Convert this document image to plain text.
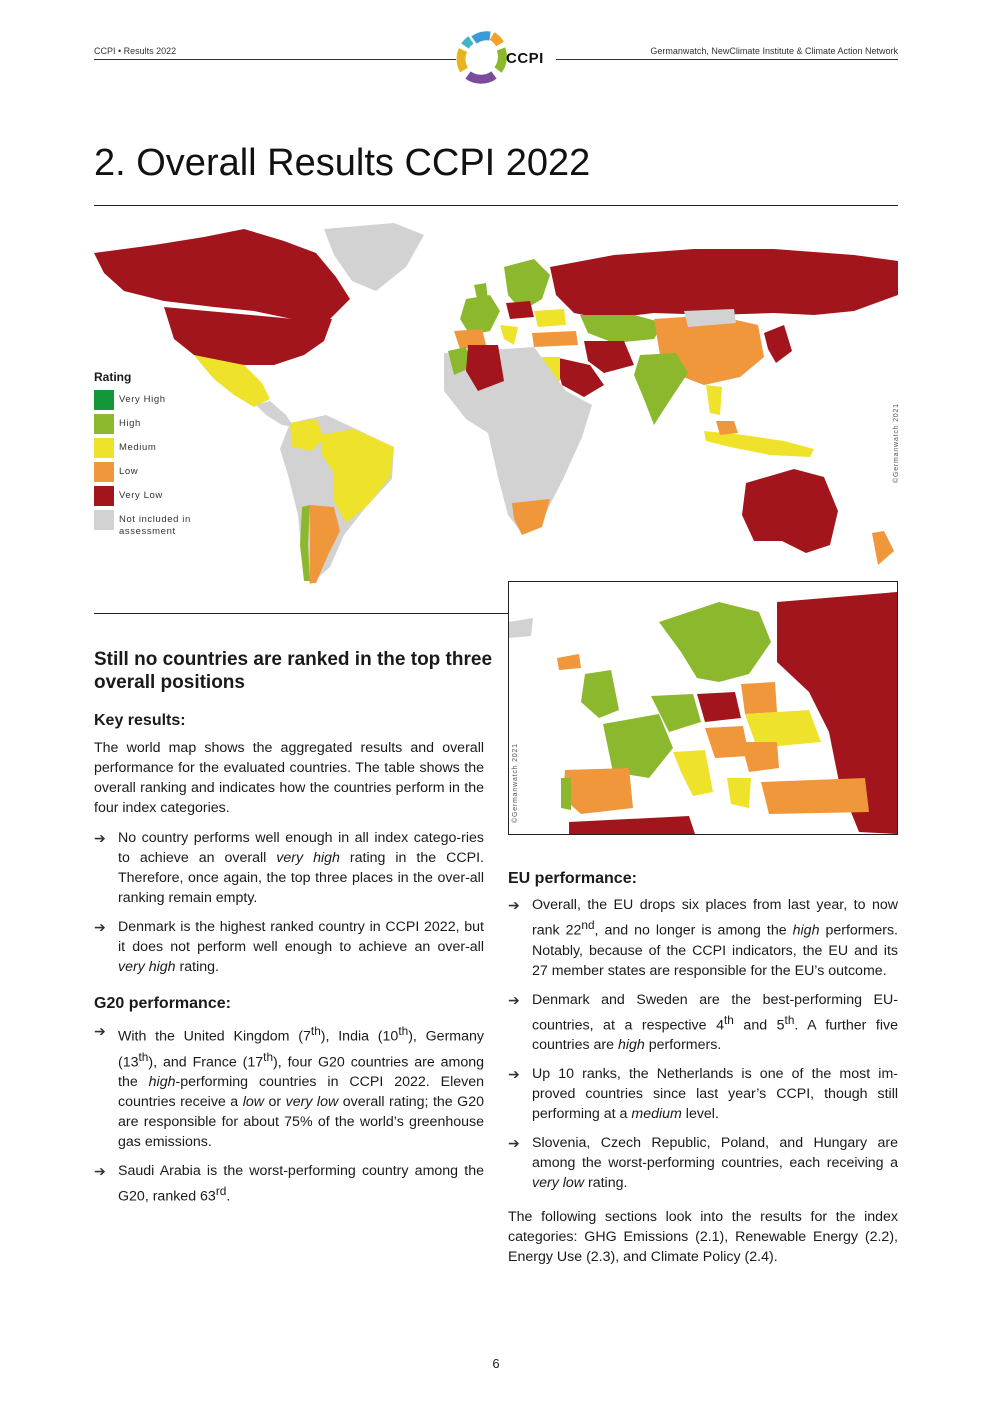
CCPI • Results 2022	Germanwatch, NewClimate Institute & Climate Action Network
CCPI
2. Overall Results CCPI 2022
©Germanwatch 2021
Rating
Very High
High
Medium
Low
Very Low
Not included in assessment
©Germanwatch 2021
Still no countries are ranked in the top three overall positions
Key results:

The world map shows the aggregated results and overall performance for the evaluated countries. The table shows the overall ranking and indicates how the countries perform in the four index categories.

➔ No country performs well enough in all index catego-ries to achieve an overall very high rating in the CCPI. Therefore, once again, the top three places in the over-all ranking remain empty.
➔ Denmark is the highest ranked country in CCPI 2022, but it does not perform well enough to achieve an over-all very high rating.
G20 performance:
➔ With the United Kingdom (7th), India (10th), Germany (13th), and France (17th), four G20 countries are among the high-performing countries in CCPI 2022. Eleven countries receive a low or very low overall rating; the G20 are responsible for about 75% of the world’s greenhouse gas emissions.
➔ Saudi Arabia is the worst-performing country among the G20, ranked 63rd.
EU performance:
➔ Overall, the EU drops six places from last year, to now rank 22nd, and no longer is among the high performers. Notably, because of the CCPI indicators, the EU and its 27 member states are responsible for the EU’s outcome.
➔ Denmark and Sweden are the best-performing EU-countries, at a respective 4th and 5th. A further five countries are high performers.
➔ Up 10 ranks, the Netherlands is one of the most im-proved countries since last year’s CCPI, though still performing at a medium level.
➔ Slovenia, Czech Republic, Poland, and Hungary are among the worst-performing countries, each receiving a very low rating.

The following sections look into the results for the index categories: GHG Emissions (2.1), Renewable Energy (2.2), Energy Use (2.3), and Climate Policy (2.4).

6
